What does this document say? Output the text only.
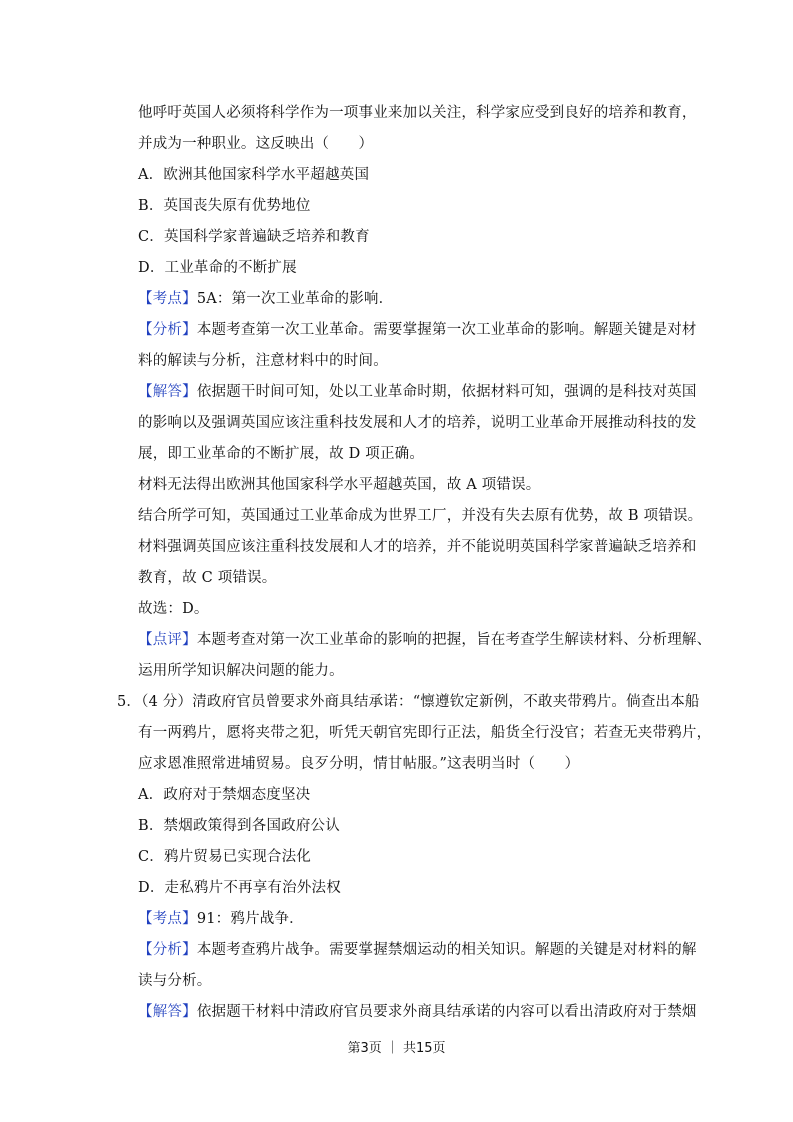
他呼吁英国人必须将科学作为一项事业来加以关注，科学家应受到良好的培养和教育，
并成为一种职业。这反映出（　　）
A．欧洲其他国家科学水平超越英国
B．英国丧失原有优势地位
C．英国科学家普遍缺乏培养和教育
D．工业革命的不断扩展
【考点】5A：第一次工业革命的影响．
【分析】本题考查第一次工业革命。需要掌握第一次工业革命的影响。解题关键是对材
料的解读与分析，注意材料中的时间。
【解答】依据题干时间可知，处以工业革命时期，依据材料可知，强调的是科技对英国
的影响以及强调英国应该注重科技发展和人才的培养，说明工业革命开展推动科技的发
展，即工业革命的不断扩展，故 D 项正确。
材料无法得出欧洲其他国家科学水平超越英国，故 A 项错误。
结合所学可知，英国通过工业革命成为世界工厂，并没有失去原有优势，故 B 项错误。
材料强调英国应该注重科技发展和人才的培养，并不能说明英国科学家普遍缺乏培养和
教育，故 C 项错误。
故选：D。
【点评】本题考查对第一次工业革命的影响的把握，旨在考查学生解读材料、分析理解、
运用所学知识解决问题的能力。
5．（4 分）清政府官员曾要求外商具结承诺：“懔遵钦定新例，不敢夹带鸦片。倘查出本船
有一两鸦片，愿将夹带之犯，听凭天朝官宪即行正法，船货全行没官；若查无夹带鸦片，
应求恩准照常进埔贸易。良歹分明，情甘帖服。”这表明当时（　　）
A．政府对于禁烟态度坚决
B．禁烟政策得到各国政府公认
C．鸦片贸易已实现合法化
D．走私鸦片不再享有治外法权
【考点】91：鸦片战争．
【分析】本题考查鸦片战争。需要掌握禁烟运动的相关知识。解题的关键是对材料的解
读与分析。
【解答】依据题干材料中清政府官员要求外商具结承诺的内容可以看出清政府对于禁烟
第3页 ｜ 共15页
